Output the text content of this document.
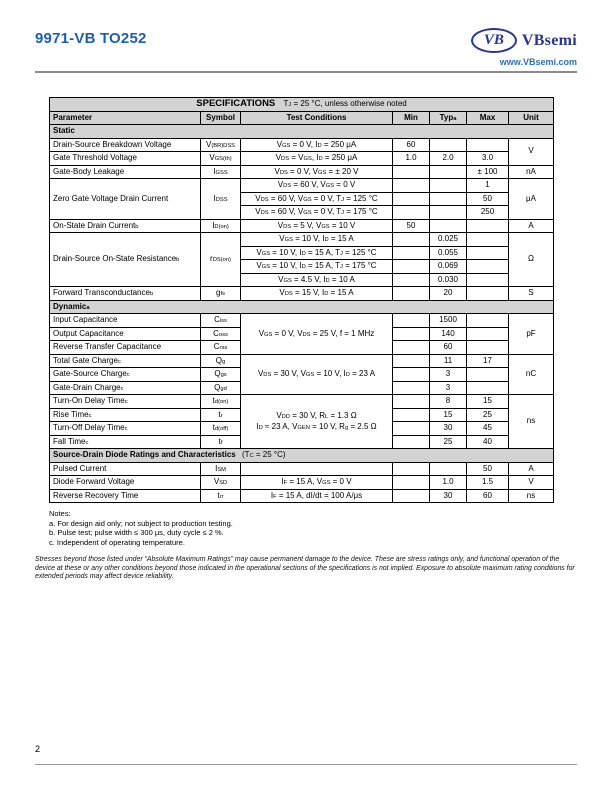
9971-VB TO252	VB VBsemi
www.VBsemi.com
SPECIFICATIONS $T_J = 25$ °C, unless otherwise noted						
Parameter	Symbol	Test Conditions	Min	Typ$^a$	Max	Unit
Static						
Drain-Source Breakdown Voltage	$V_{(BR)DSS}$	$V_{GS} = 0$ V, $I_D = 250$ μA	60			V
Gate Threshold Voltage	$V_{GS(th)}$	$V_{DS} = V_{GS}$, $I_D = 250$ μA	1.0	2.0	3.0	
Gate-Body Leakage	$I_{GSS}$	$V_{DS} = 0$ V, $V_{GS}$ = ± 20 V			± 100	nA
Zero Gate Voltage Drain Current	$I_{DSS}$	$V_{DS} = 60$ V, $V_{GS} = 0$ V			1	μA
		$V_{DS} = 60$ V, $V_{GS} = 0$ V, $T_J = 125$ °C			50	
		$V_{DS} = 60$ V, $V_{GS} = 0$ V, $T_J = 175$ °C			250	
On-State Drain Current$^b$	$I_{D(on)}$	$V_{DS} = 5$ V, $V_{GS} = 10$ V	50			A
Drain-Source On-State Resistance$^b$	$r_{DS(on)}$	$V_{GS} = 10$ V, $I_D = 15$ A		0.025		Ω
		$V_{GS} = 10$ V, $I_D = 15$ A, $T_J = 125$ °C		0.055		
		$V_{GS} = 10$ V, $I_D = 15$ A, $T_J = 175$ °C		0.069		
		$V_{GS} = 4.5$ V, $I_D = 10$ A		0.030		
Forward Transconductance$^b$	$g_{fs}$	$V_{DS} = 15$ V, $I_D = 15$ A		20		S
Dynamic$^a$
Input Capacitance	$C_{iss}$	$V_{GS} = 0$ V, $V_{DS} = 25$ V, f = 1 MHz		1500		pF
Output Capacitance	$C_{oss}$			140		
Reverse Transfer Capacitance	$C_{rss}$			60		
Total Gate Charge$^c$	$Q_g$	$V_{DS} = 30$ V, $V_{GS} = 10$ V, $I_D = 23$ A		11	17	nC
Gate-Source Charge$^c$	$Q_{gs}$			3		
Gate-Drain Charge$^c$	$Q_{gd}$			3		
Turn-On Delay Time$^c$	$t_{d(on)}$	$V_{DD} = 30$ V, $R_L = 1.3$ Ω
$I_D \approx 23$ A, $V_{GEN} = 10$ V, $R_g = 2.5$ Ω		8	15	ns
Rise Time$^c$	$t_r$			15	25	
Turn-Off Delay Time$^c$	$t_{d(off)}$			30	45	
Fall Time$^c$	$t_f$			25	40	
Source-Drain Diode Ratings and Characteristics ($T_C = 25$ °C)						
Pulsed Current	$I_{SM}$				50	A
Diode Forward Voltage	$V_{SD}$	$I_F = 15$ A, $V_{GS} = 0$ V		1.0	1.5	V
Reverse Recovery Time	$t_{rr}$	$I_F = 15$ A, dI/dt = 100 A/μs		30	60	ns
Notes:
a. For design aid only; not subject to production testing.
b. Pulse test; pulse width ≤ 300 μs, duty cycle ≤ 2 %.
c. Independent of operating temperature.
Stresses beyond those listed under “Absolute Maximum Ratings” may cause permanent damage to the device. These are stress ratings only, and functional operation of the device at these or any other conditions beyond those indicated in the operational sections of the specifications is not implied. Exposure to absolute maximum rating conditions for extended periods may affect device reliability.
2
